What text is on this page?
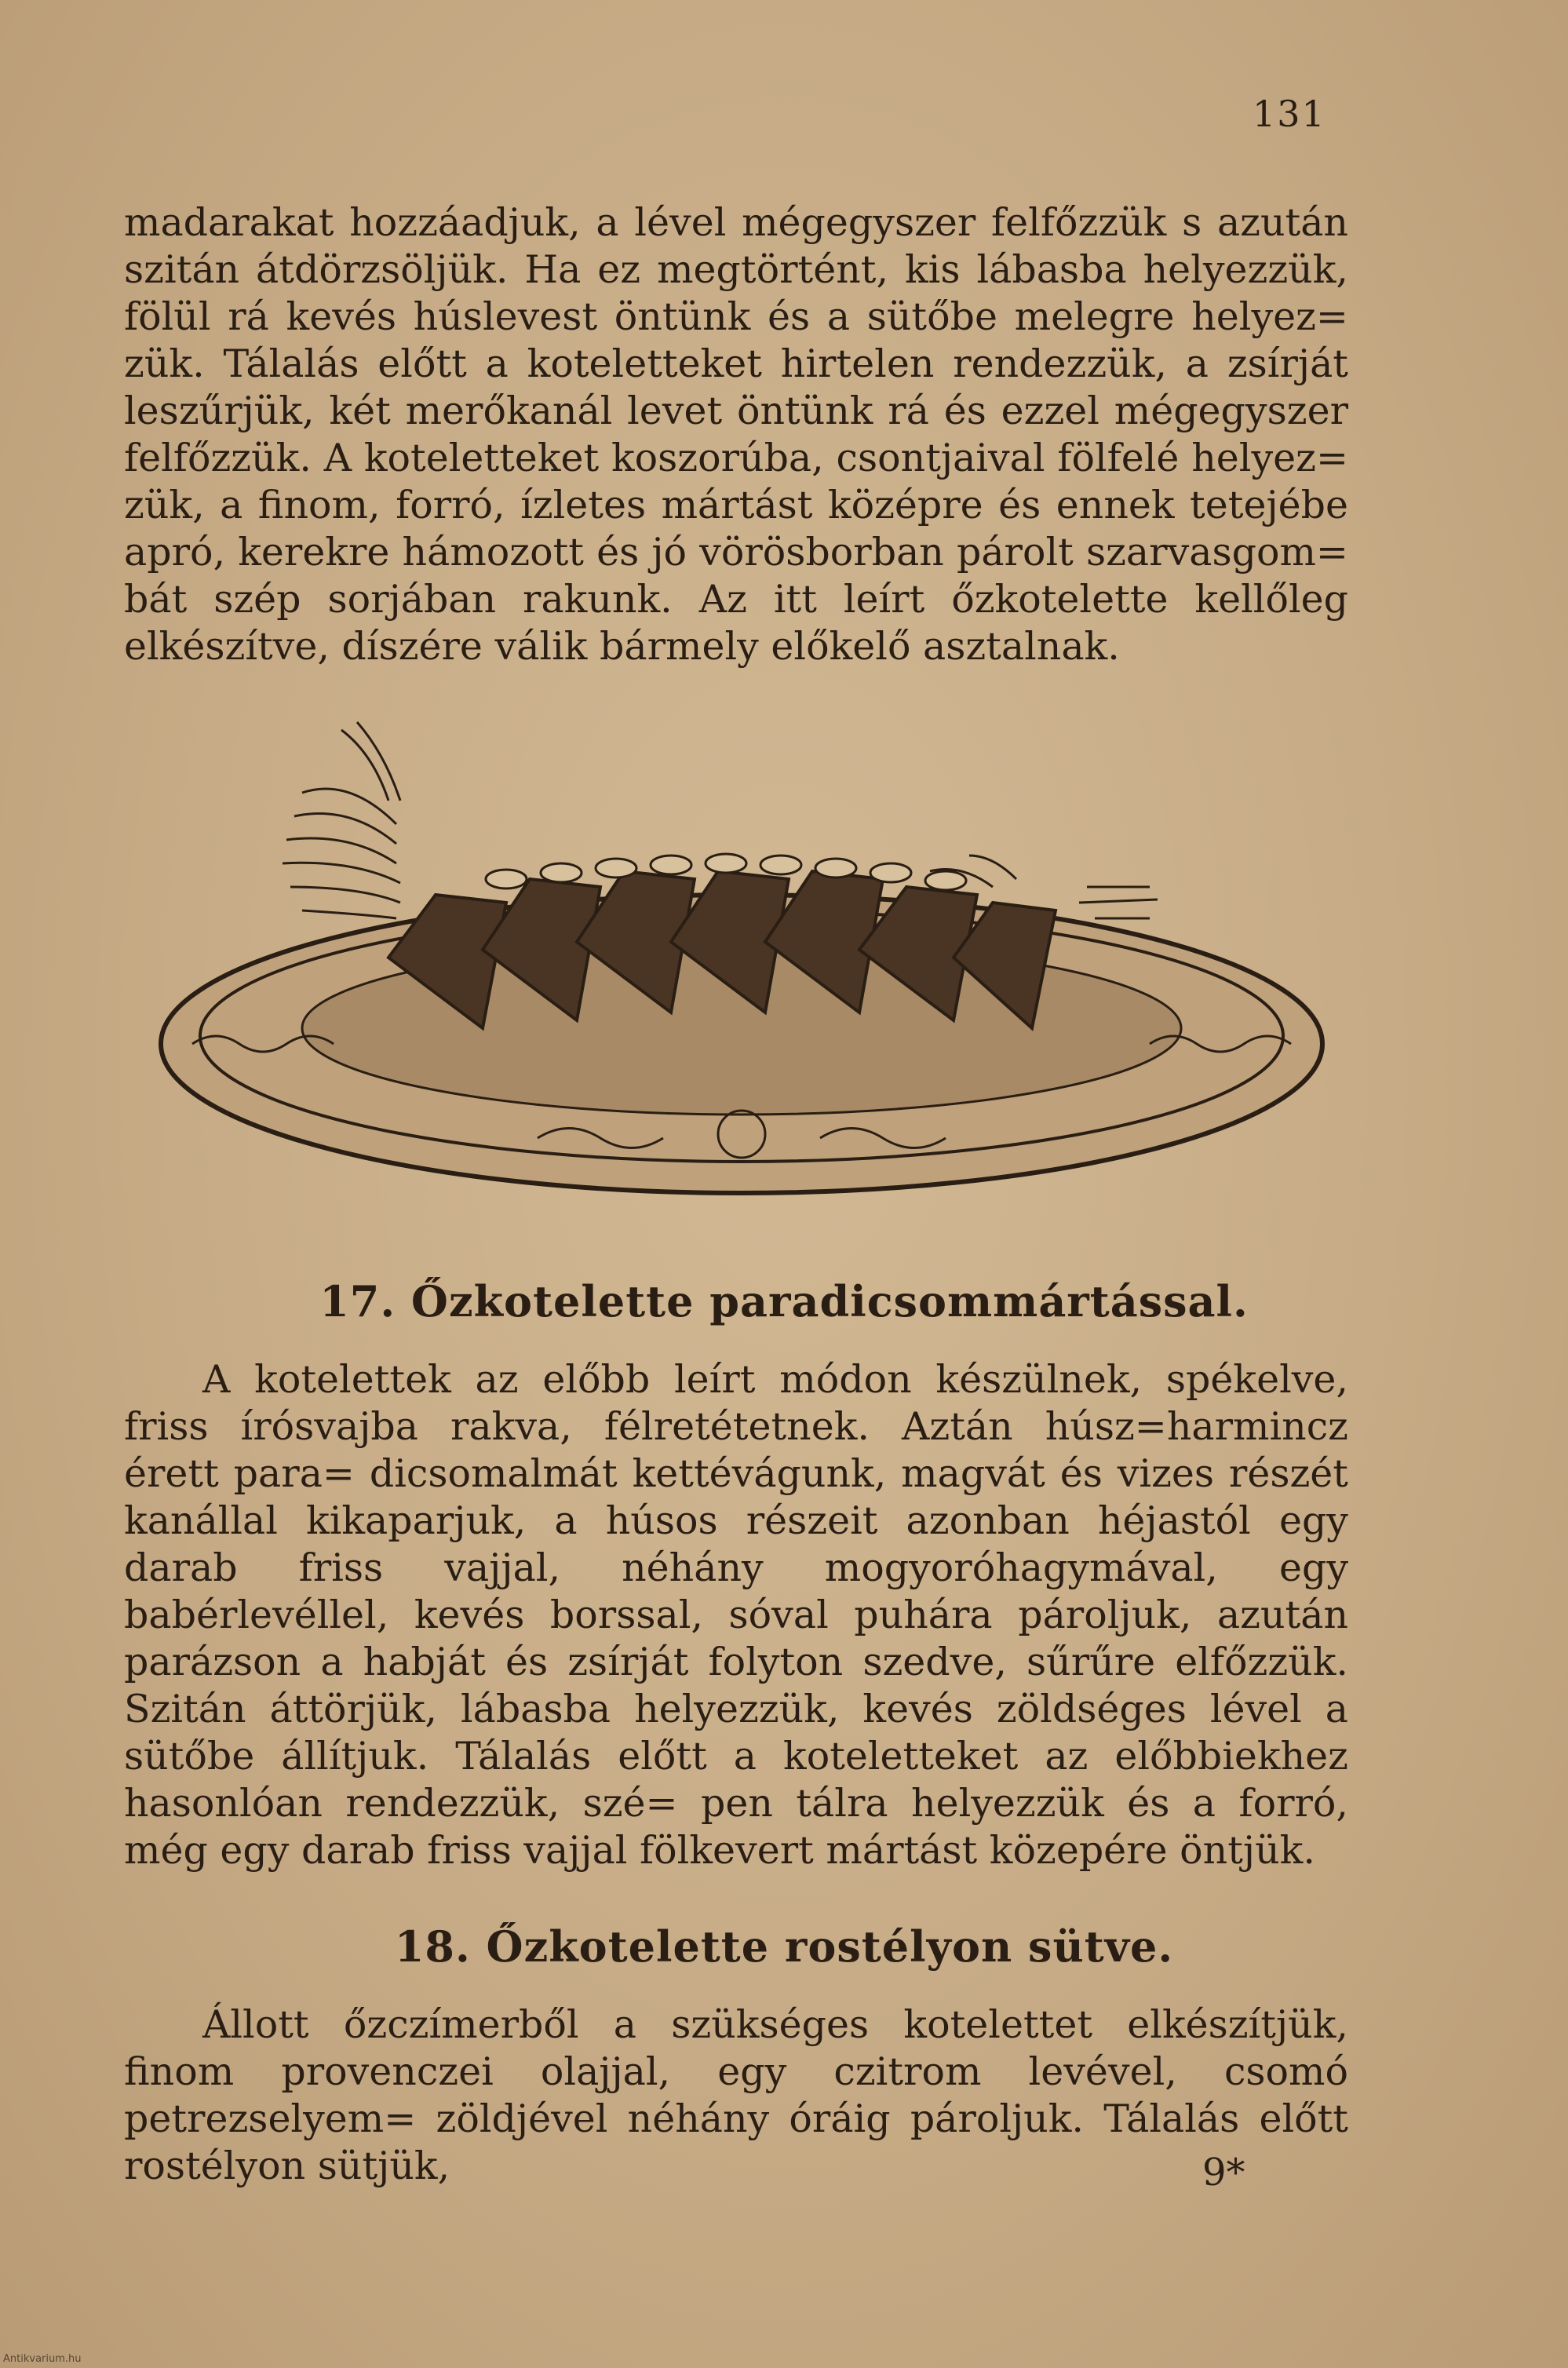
131

madarakat hozzáadjuk, a lével mégegyszer felfőzzük s azután szitán átdörzsöljük. Ha ez megtörtént, kis lábasba helyezzük, fölül rá kevés húslevest öntünk és a sütőbe melegre helyez= zük. Tálalás előtt a koteletteket hirtelen rendezzük, a zsírját leszűrjük, két merőkanál levet öntünk rá és ezzel mégegyszer felfőzzük. A koteletteket koszorúba, csontjaival fölfelé helyez= zük, a finom, forró, ízletes mártást középre és ennek tetejébe apró, kerekre hámozott és jó vörösborban párolt szarvasgom= bát szép sorjában rakunk. Az itt leírt őzkotelette kellőleg elkészítve, díszére válik bármely előkelő asztalnak.

17. Őzkotelette paradicsommártással.

A kotelettek az előbb leírt módon készülnek, spékelve, friss írósvajba rakva, félretétetnek. Aztán húsz=harmincz érett para= dicsomalmát kettévágunk, magvát és vizes részét kanállal kikaparjuk, a húsos részeit azonban héjastól egy darab friss vajjal, néhány mogyoróhagymával, egy babérlevéllel, kevés borssal, sóval puhára pároljuk, azután parázson a habját és zsírját folyton szedve, sűrűre elfőzzük. Szitán áttörjük, lábasba helyezzük, kevés zöldséges lével a sütőbe állítjuk. Tálalás előtt a koteletteket az előbbiekhez hasonlóan rendezzük, szé= pen tálra helyezzük és a forró, még egy darab friss vajjal fölkevert mártást közepére öntjük.

18. Őzkotelette rostélyon sütve.

Állott őzczímerből a szükséges kotelettet elkészítjük, finom provenczei olajjal, egy czitrom levével, csomó petrezselyem= zöldjével néhány óráig pároljuk. Tálalás előtt rostélyon sütjük,	9*
Antikvarium.hu
